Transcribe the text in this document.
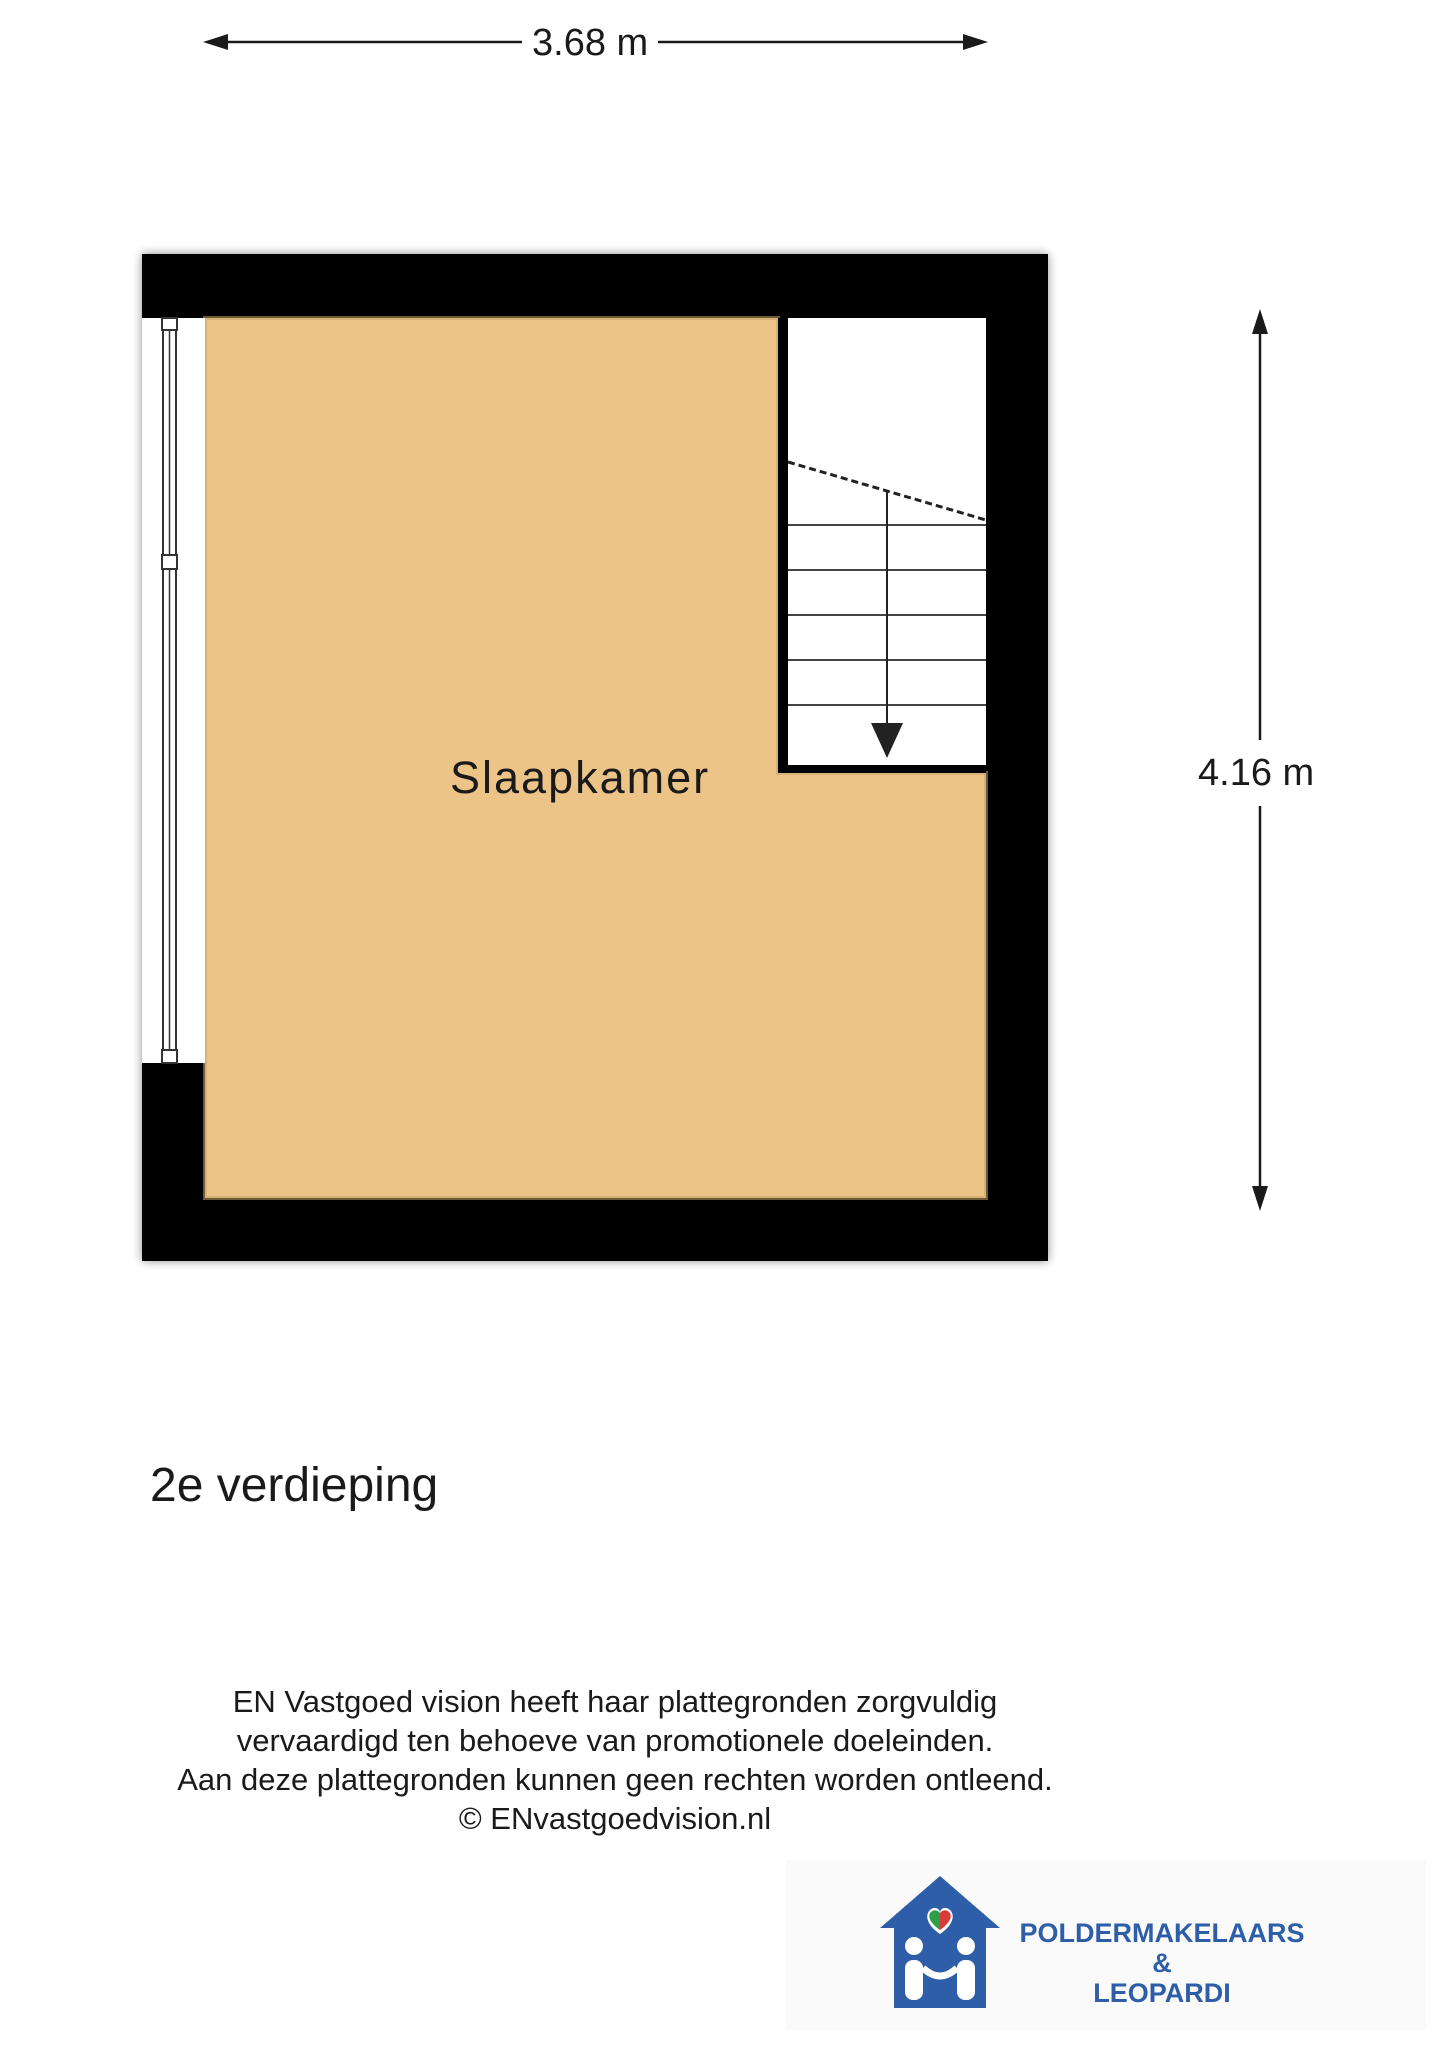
3.68 m
4.16 m
Slaapkamer
2e verdieping
EN Vastgoed vision heeft haar plattegronden zorgvuldig
vervaardigd ten behoeve van promotionele doeleinden.
Aan deze plattegronden kunnen geen rechten worden ontleend.
© ENvastgoedvision.nl
POLDERMAKELAARS
&
LEOPARDI
